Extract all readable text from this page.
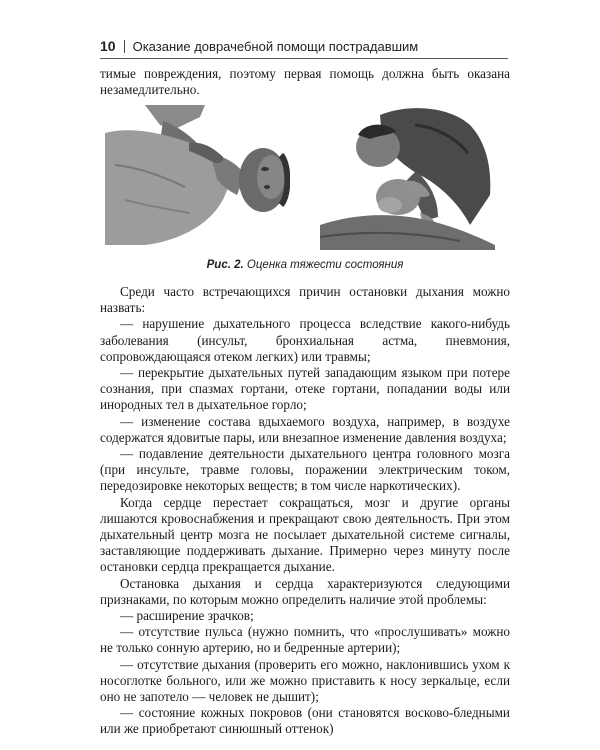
10 Оказание доврачебной помощи пострадавшим

тимые повреждения, поэтому первая помощь должна быть оказана незамедлительно.

Рис. 2. Оценка тяжести состояния

Среди часто встречающихся причин остановки дыхания можно назвать:

— нарушение дыхательного процесса вследствие какого-нибудь заболевания (инсульт, бронхиальная астма, пневмония, сопровождающаяся отеком легких) или травмы;

— перекрытие дыхательных путей западающим языком при потере сознания, при спазмах гортани, отеке гортани, попадании воды или инородных тел в дыхательное горло;

— изменение состава вдыхаемого воздуха, например, в воздухе содержатся ядовитые пары, или внезапное изменение давления воздуха;

— подавление деятельности дыхательного центра головного мозга (при инсульте, травме головы, поражении электрическим током, передозировке некоторых веществ; в том числе наркотических).

Когда сердце перестает сокращаться, мозг и другие органы лишаются кровоснабжения и прекращают свою деятельность. При этом дыхательный центр мозга не посылает дыхательной системе сигналы, заставляющие поддерживать дыхание. Примерно через минуту после остановки сердца прекращается дыхание.

Остановка дыхания и сердца характеризуются следующими признаками, по которым можно определить наличие этой проблемы:

— расширение зрачков;

— отсутствие пульса (нужно помнить, что «прослушивать» можно не только сонную артерию, но и бедренные артерии);

— отсутствие дыхания (проверить его можно, наклонившись ухом к носоглотке больного, или же можно приставить к носу зеркальце, если оно не запотело — человек не дышит);

— состояние кожных покровов (они становятся восково-бледными или же приобретают синюшный оттенок)
